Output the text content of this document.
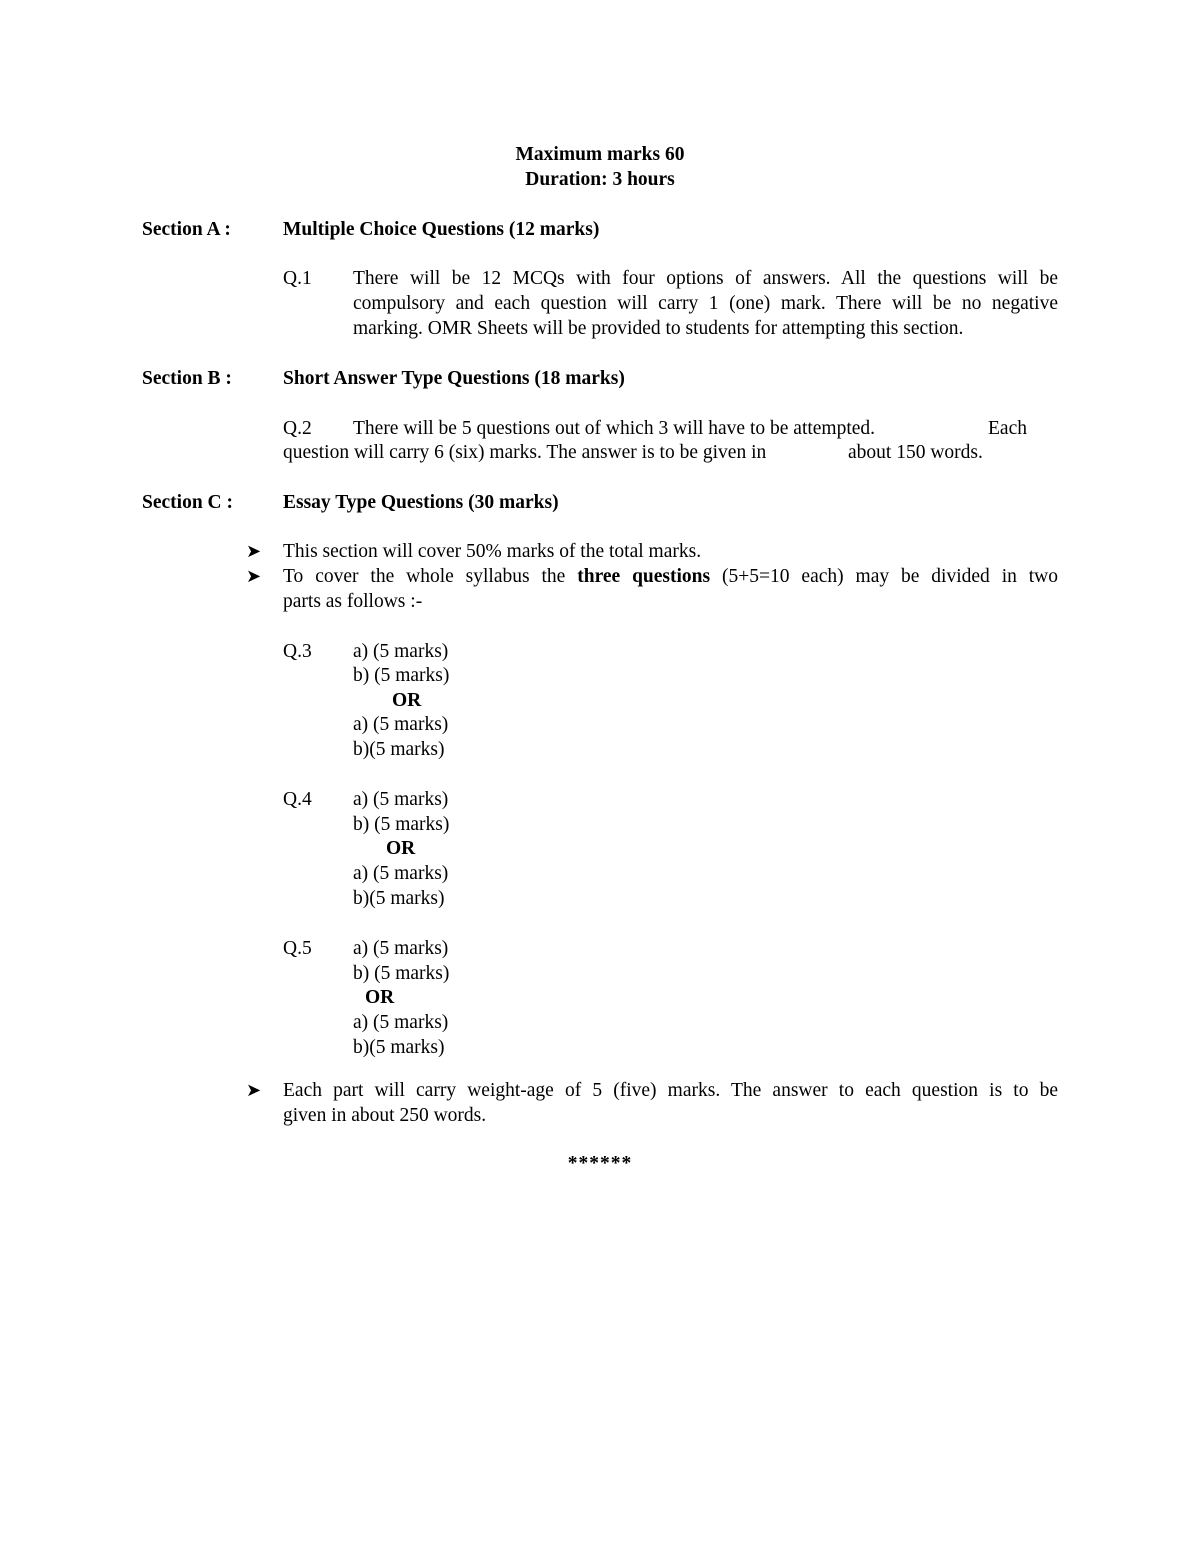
Maximum marks 60
Duration: 3 hours
Section A :	Multiple Choice Questions (12 marks)
Q.1 There will be 12 MCQs with four options of answers. All the questions will be
compulsory and each question will carry 1 (one) mark. There will be no negative
marking. OMR Sheets will be provided to students for attempting this section.
Section B :	Short Answer Type Questions (18 marks)
Q.2 There will be 5 questions out of which 3 will have to be attempted.	Each
question will carry 6 (six) marks. The answer is to be given in	about 150 words.
Section C :	Essay Type Questions (30 marks)
➤ This section will cover 50% marks of the total marks.
➤ To cover the whole syllabus the three questions (5+5=10 each) may be divided in two
parts as follows :-
Q.3 a) (5 marks)
b) (5 marks)
OR
a) (5 marks)
b)(5 marks)
Q.4 a) (5 marks)
b) (5 marks)
OR
a) (5 marks)
b)(5 marks)
Q.5 a) (5 marks)
b) (5 marks)
OR
a) (5 marks)
b)(5 marks)
➤ Each part will carry weight-age of 5 (five) marks. The answer to each question is to be
given in about 250 words.
******
